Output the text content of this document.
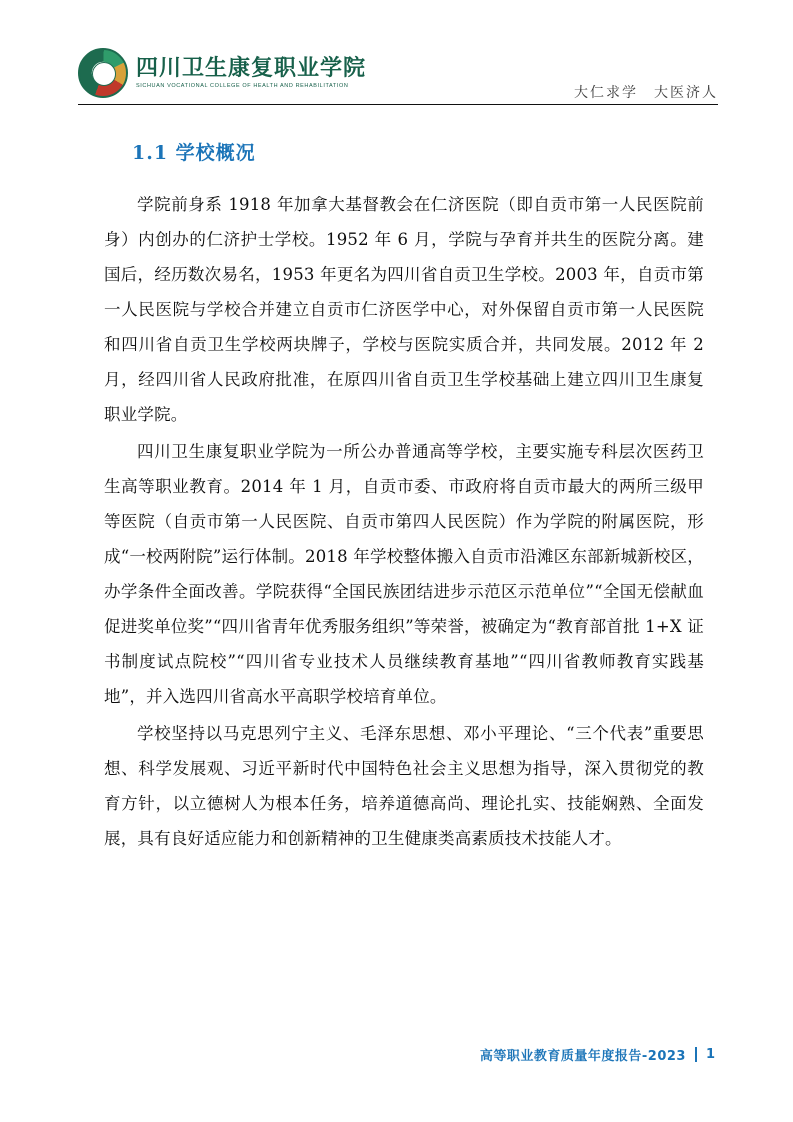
四川卫生康复职业学院
SICHUAN VOCATIONAL COLLEGE OF HEALTH AND REHABILITATION	大仁求学　大医济人
1.1 学校概况

学院前身系 1918 年加拿大基督教会在仁济医院（即自贡市第一人民医院前身）内创办的仁济护士学校。1952 年 6 月，学院与孕育并共生的医院分离。建国后，经历数次易名，1953 年更名为四川省自贡卫生学校。2003 年，自贡市第一人民医院与学校合并建立自贡市仁济医学中心，对外保留自贡市第一人民医院和四川省自贡卫生学校两块牌子，学校与医院实质合并，共同发展。2012 年 2 月，经四川省人民政府批准，在原四川省自贡卫生学校基础上建立四川卫生康复职业学院。

四川卫生康复职业学院为一所公办普通高等学校，主要实施专科层次医药卫生高等职业教育。2014 年 1 月，自贡市委、市政府将自贡市最大的两所三级甲等医院（自贡市第一人民医院、自贡市第四人民医院）作为学院的附属医院，形成“一校两附院”运行体制。2018 年学校整体搬入自贡市沿滩区东部新城新校区，办学条件全面改善。学院获得“全国民族团结进步示范区示范单位”“全国无偿献血促进奖单位奖”“四川省青年优秀服务组织”等荣誉，被确定为“教育部首批 1+X 证书制度试点院校”“四川省专业技术人员继续教育基地”“四川省教师教育实践基地”，并入选四川省高水平高职学校培育单位。

学校坚持以马克思列宁主义、毛泽东思想、邓小平理论、“三个代表”重要思想、科学发展观、习近平新时代中国特色社会主义思想为指导，深入贯彻党的教育方针，以立德树人为根本任务，培养道德高尚、理论扎实、技能娴熟、全面发展，具有良好适应能力和创新精神的卫生健康类高素质技术技能人才。

高等职业教育质量年度报告-2023 1
